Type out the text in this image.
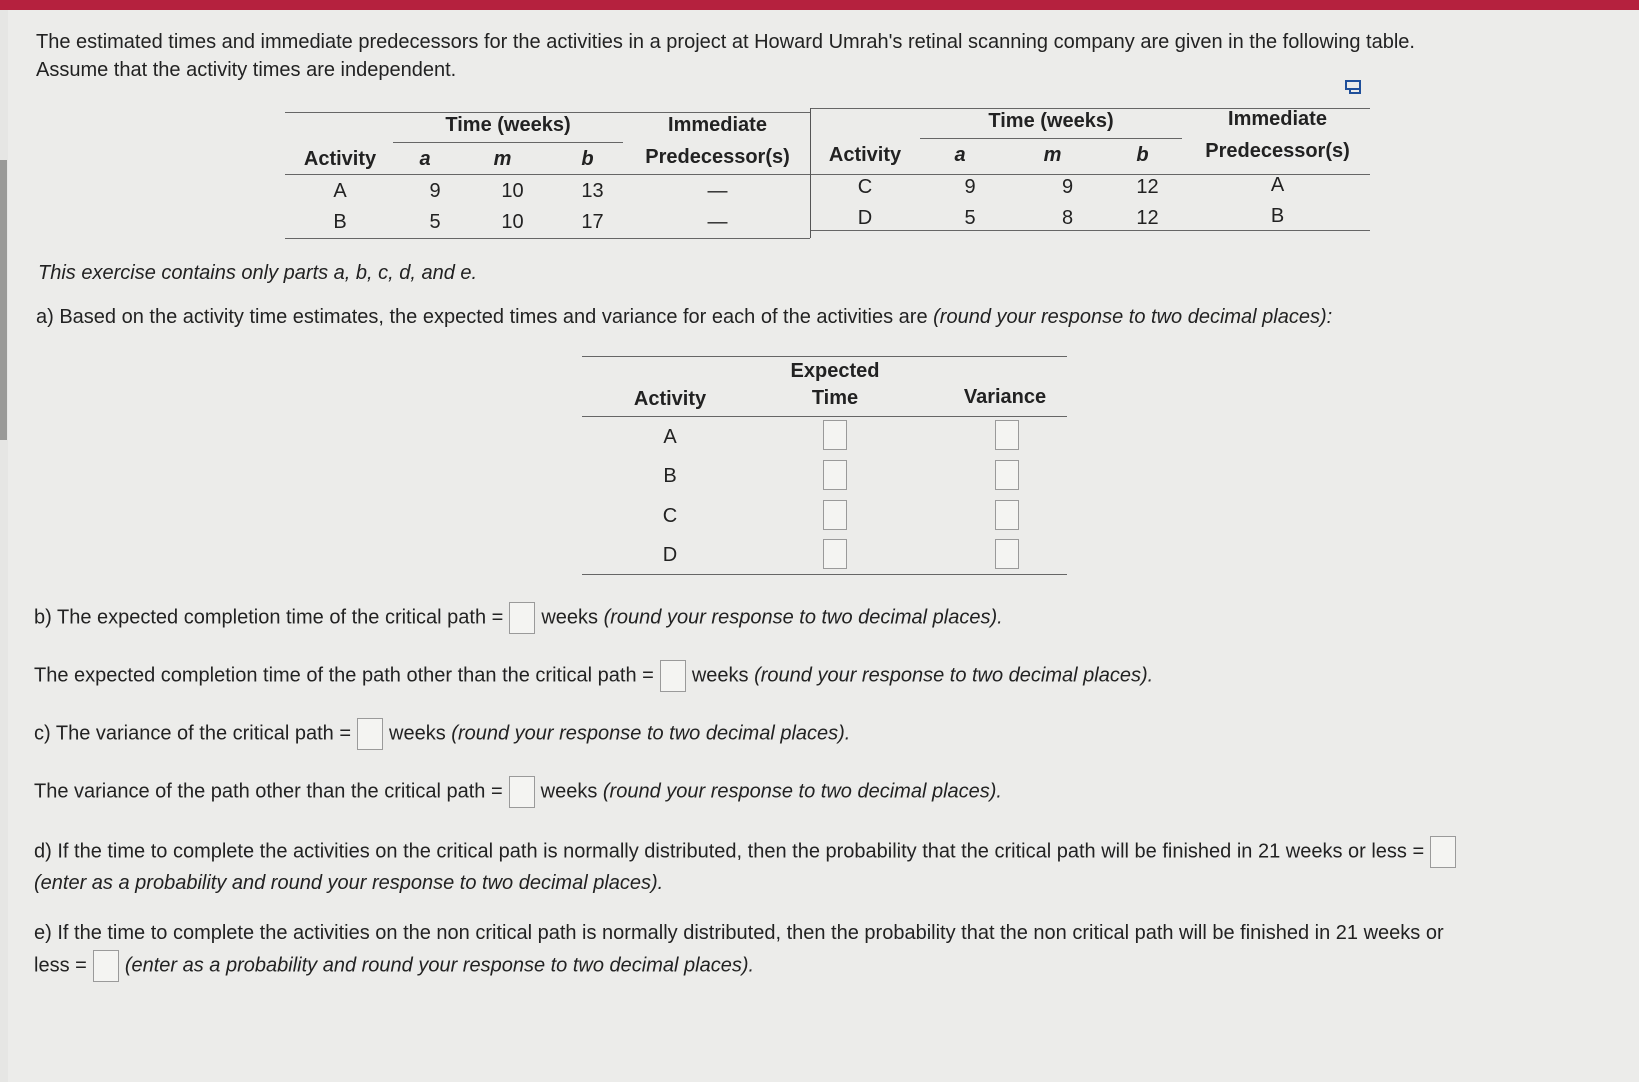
The estimated times and immediate predecessors for the activities in a project at Howard Umrah's retinal scanning company are given in the following table.
Assume that the activity times are independent.
Time (weeks)	Immediate
Predecessor(s)
Activity	a	m	b
Time (weeks)	Immediate
Predecessor(s)
Activity	a	m	b
A	9	10	13	—
B	5	10	17	—
C	9	9	12	A
D	5	8	12	B
This exercise contains only parts a, b, c, d, and e.
a) Based on the activity time estimates, the expected times and variance for each of the activities are (round your response to two decimal places):
Activity
Expected
Time	Variance
A
B
C
D
b) The expected completion time of the critical path = weeks (round your response to two decimal places).
The expected completion time of the path other than the critical path = weeks (round your response to two decimal places).
c) The variance of the critical path = weeks (round your response to two decimal places).
The variance of the path other than the critical path = weeks (round your response to two decimal places).
d) If the time to complete the activities on the critical path is normally distributed, then the probability that the critical path will be finished in 21 weeks or less =
(enter as a probability and round your response to two decimal places).
e) If the time to complete the activities on the non critical path is normally distributed, then the probability that the non critical path will be finished in 21 weeks or
less = (enter as a probability and round your response to two decimal places).
